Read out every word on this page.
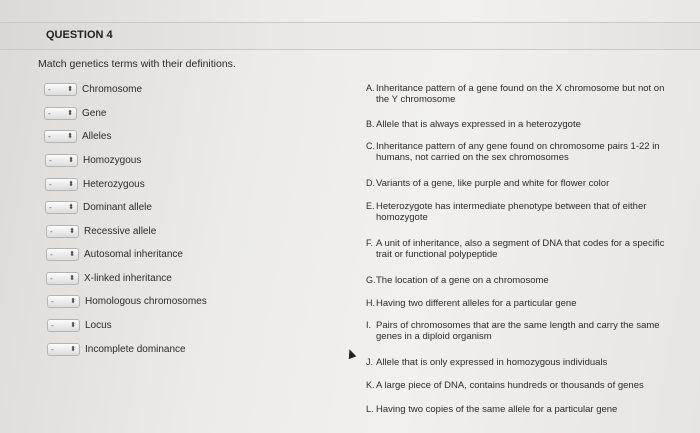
QUESTION 4
Match genetics terms with their definitions.
- ⬍ Chromosome
- ⬍ Gene
- ⬍ Alleles
- ⬍ Homozygous
- ⬍ Heterozygous
- ⬍ Dominant allele
- ⬍ Recessive allele
- ⬍ Autosomal inheritance
- ⬍ X-linked inheritance
- ⬍ Homologous chromosomes
- ⬍ Locus
- ⬍ Incomplete dominance
A. Inheritance pattern of a gene found on the X chromosome but not on the Y chromosome
B. Allele that is always expressed in a heterozygote
C. Inheritance pattern of any gene found on chromosome pairs 1-22 in humans, not carried on the sex chromosomes
D. Variants of a gene, like purple and white for flower color
E. Heterozygote has intermediate phenotype between that of either homozygote
F. A unit of inheritance, also a segment of DNA that codes for a specific trait or functional polypeptide
G. The location of a gene on a chromosome
H. Having two different alleles for a particular gene
I. Pairs of chromosomes that are the same length and carry the same genes in a diploid organism
J. Allele that is only expressed in homozygous individuals
K. A large piece of DNA, contains hundreds or thousands of genes
L. Having two copies of the same allele for a particular gene
